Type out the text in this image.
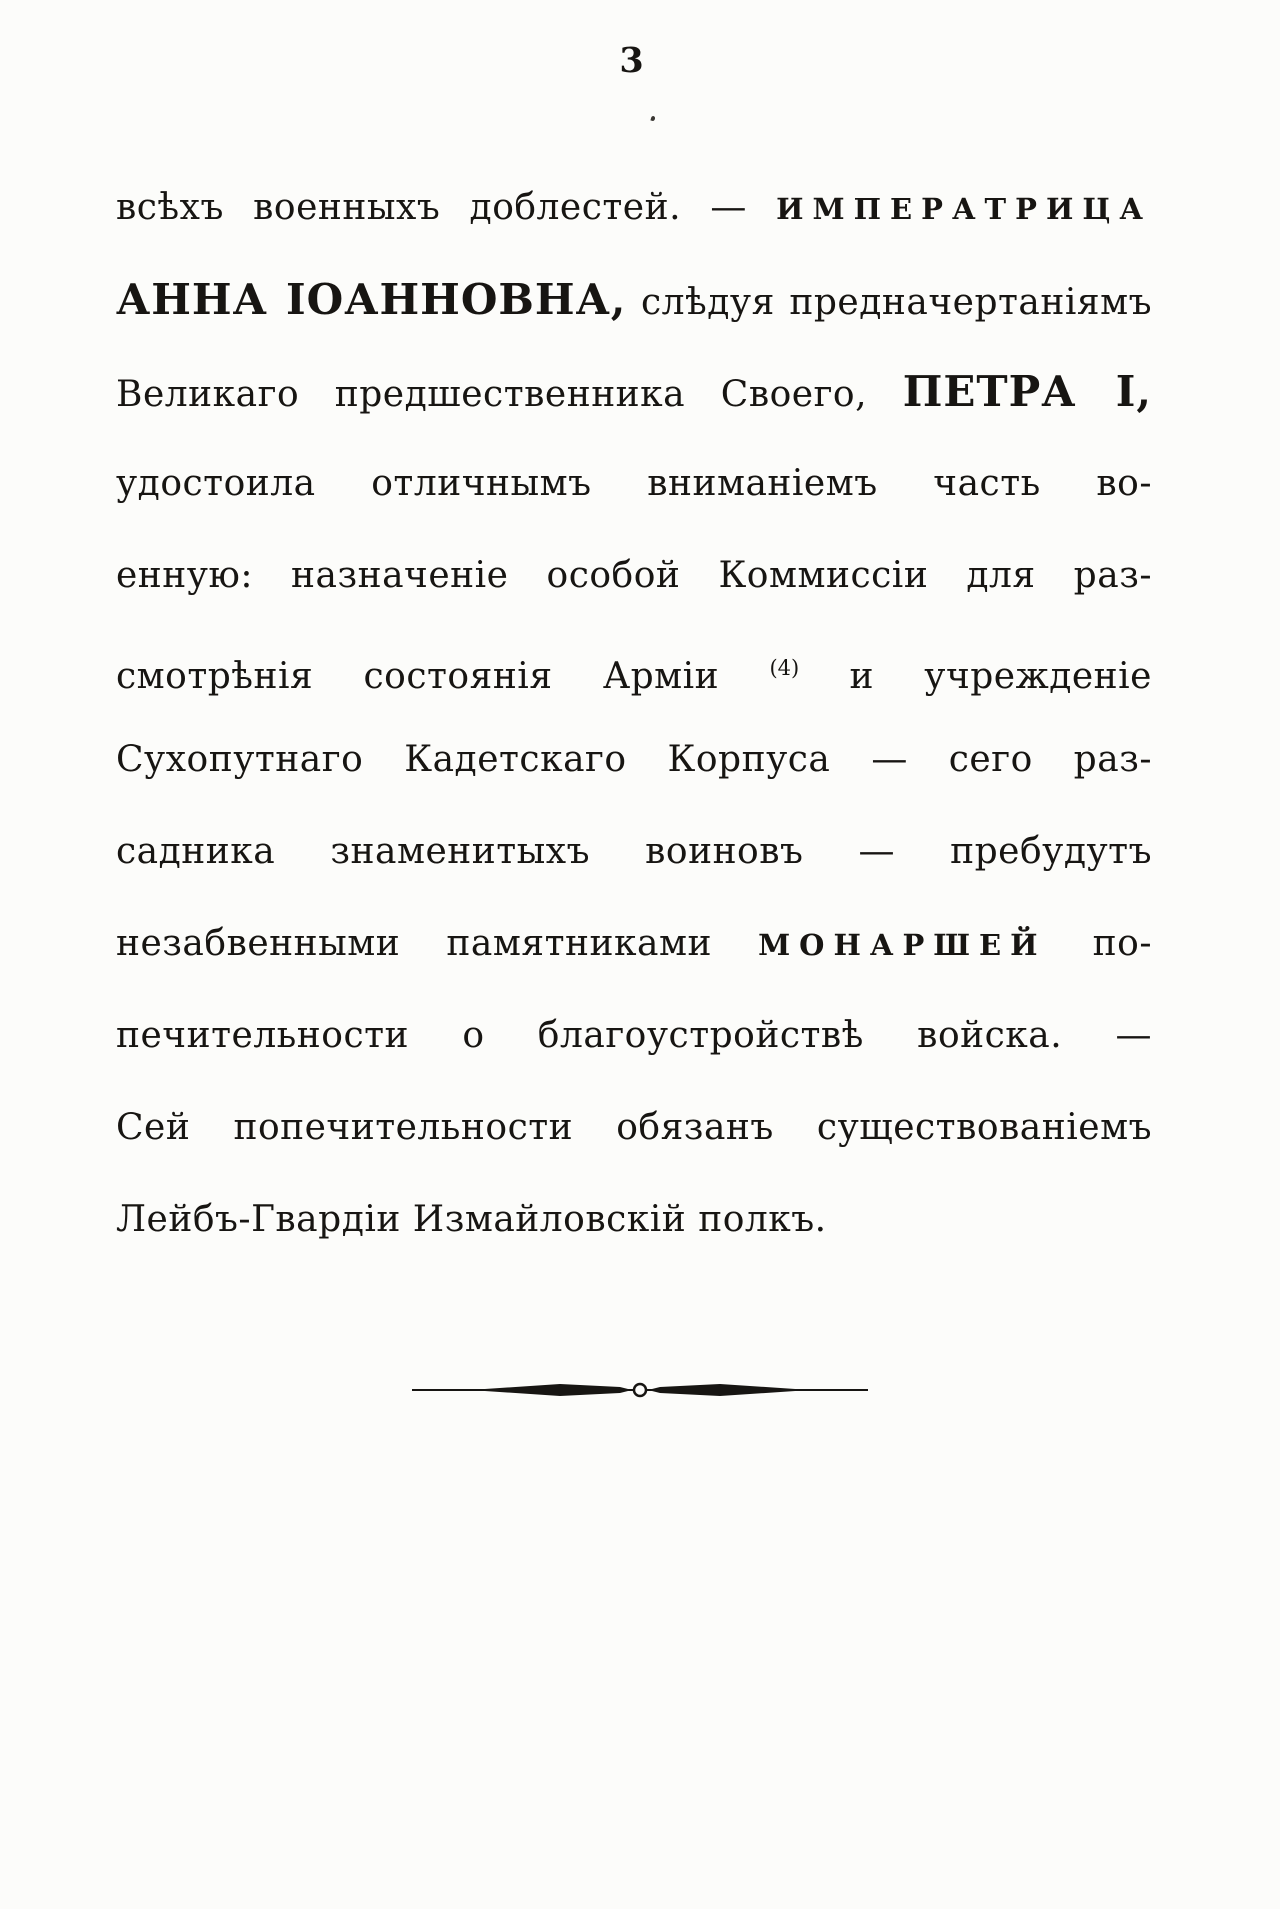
3
всѣхъ военныхъ доблестей. — ИМПЕРАТРИЦА
АННА ІОАННОВНА, слѣдуя предначертаніямъ
Великаго предшественника Своего, ПЕТРА I,
удостоила отличнымъ вниманіемъ часть во-
енную: назначеніе особой Коммиссіи для раз-
смотрѣнія состоянія Арміи $^{(4)}$ и учрежденіе
Сухопутнаго Кадетскаго Корпуса — сего раз-
садника знаменитыхъ воиновъ — пребудутъ
незабвенными памятниками МОНАРШЕЙ по-
печительности о благоустройствѣ войска. —
Сей попечительности обязанъ существованіемъ
Лейбъ-Гвардіи Измайловскій полкъ.
